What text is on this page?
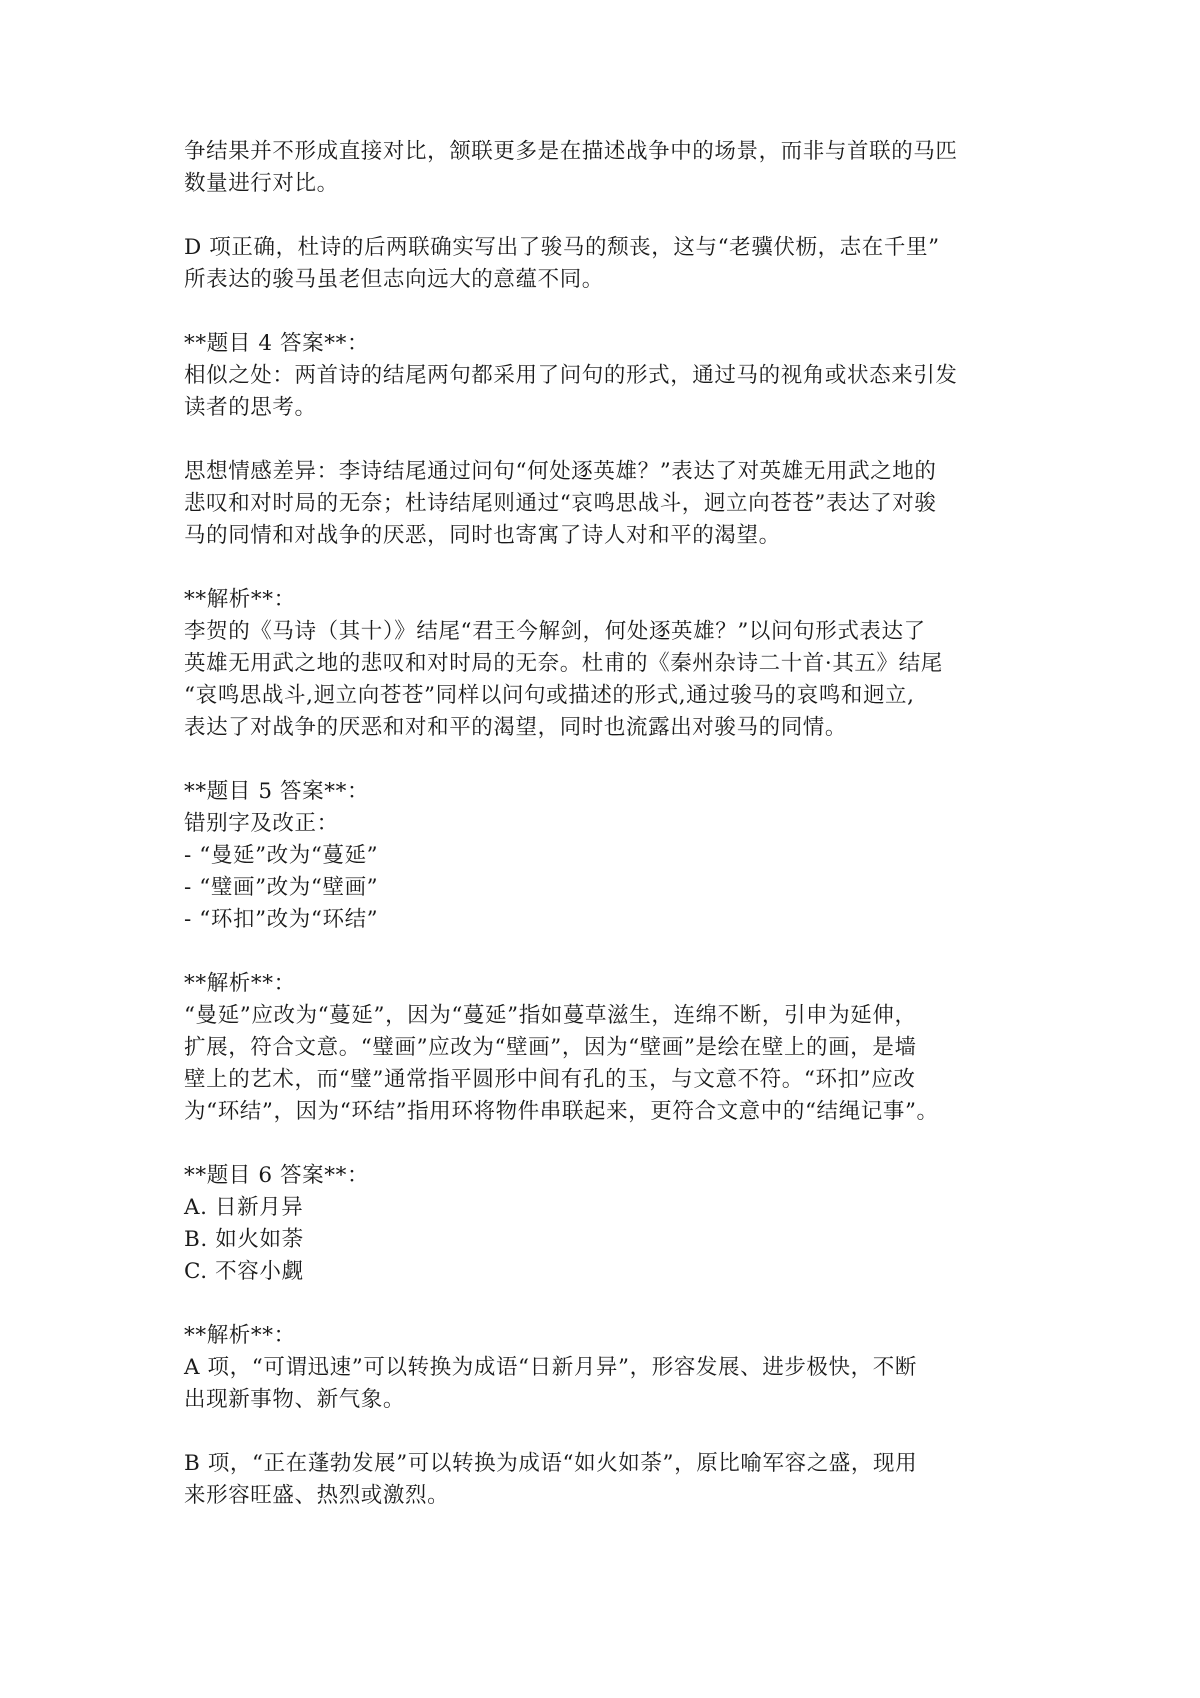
争结果并不形成直接对比，颔联更多是在描述战争中的场景，而非与首联的马匹
数量进行对比。
D 项正确，杜诗的后两联确实写出了骏马的颓丧，这与“老骥伏枥，志在千里”
所表达的骏马虽老但志向远大的意蕴不同。
**题目 4 答案**：
相似之处：两首诗的结尾两句都采用了问句的形式，通过马的视角或状态来引发
读者的思考。
思想情感差异：李诗结尾通过问句“何处逐英雄？”表达了对英雄无用武之地的
悲叹和对时局的无奈；杜诗结尾则通过“哀鸣思战斗，迥立向苍苍”表达了对骏
马的同情和对战争的厌恶，同时也寄寓了诗人对和平的渴望。
**解析**：
李贺的《马诗（其十）》结尾“君王今解剑，何处逐英雄？”以问句形式表达了
英雄无用武之地的悲叹和对时局的无奈。杜甫的《秦州杂诗二十首·其五》结尾
“哀鸣思战斗,迥立向苍苍”同样以问句或描述的形式,通过骏马的哀鸣和迥立,
表达了对战争的厌恶和对和平的渴望，同时也流露出对骏马的同情。
**题目 5 答案**：
错别字及改正：
- “曼延”改为“蔓延”
- “璧画”改为“壁画”
- “环扣”改为“环结”
**解析**：
“曼延”应改为“蔓延”，因为“蔓延”指如蔓草滋生，连绵不断，引申为延伸，
扩展，符合文意。“璧画”应改为“壁画”，因为“壁画”是绘在壁上的画，是墙
壁上的艺术，而“璧”通常指平圆形中间有孔的玉，与文意不符。“环扣”应改
为“环结”，因为“环结”指用环将物件串联起来，更符合文意中的“结绳记事”。
**题目 6 答案**：
A. 日新月异
B. 如火如荼
C. 不容小觑
**解析**：
A 项，“可谓迅速”可以转换为成语“日新月异”，形容发展、进步极快，不断
出现新事物、新气象。
B 项，“正在蓬勃发展”可以转换为成语“如火如荼”，原比喻军容之盛，现用
来形容旺盛、热烈或激烈。
